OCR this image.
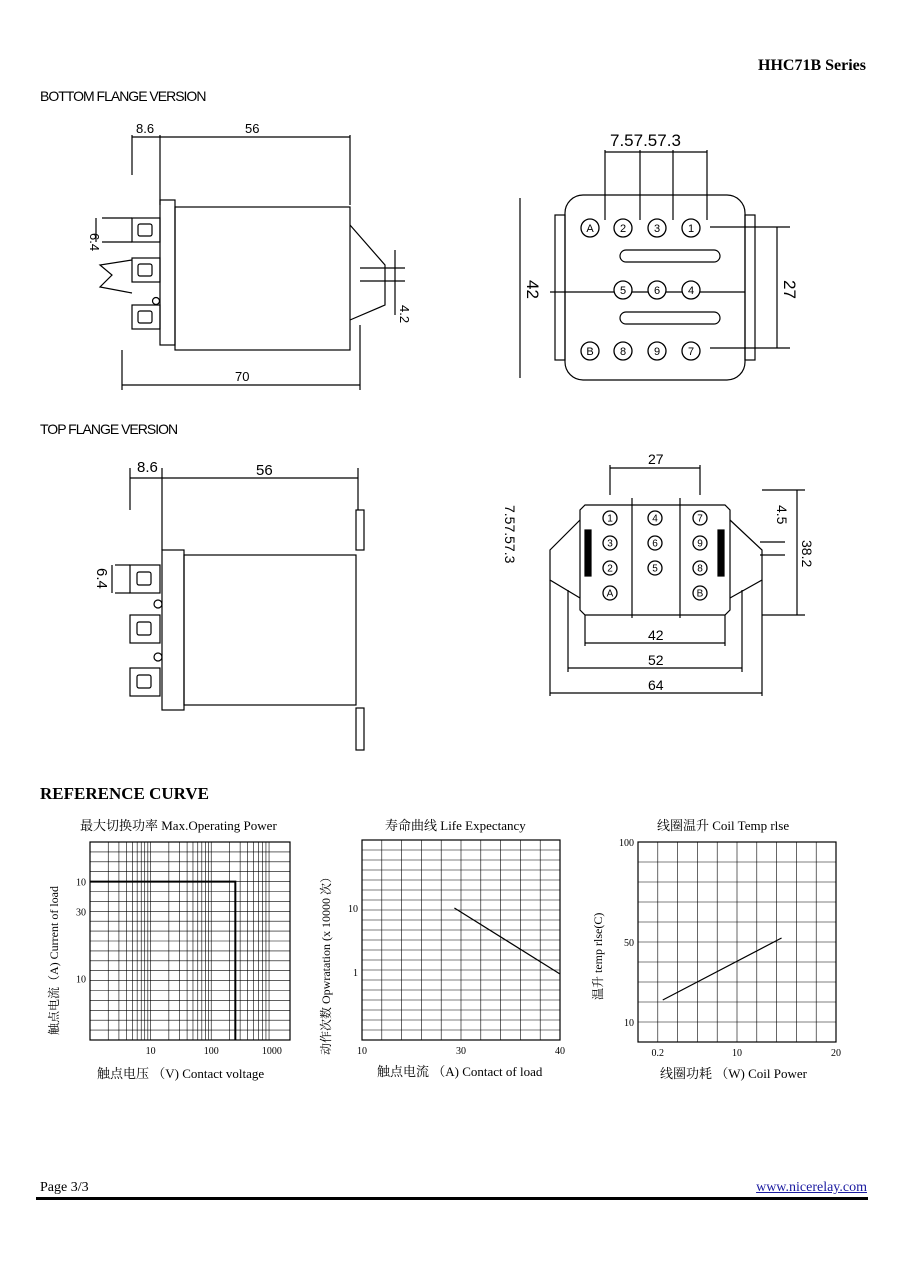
HHC71B Series
BOTTOM FLANGE VERSION
TOP FLANGE VERSION
8.6	56
6.4
4.2
70
A 2	3	1
5	6	4
B 8	9	7
7.57.57.3
42	27
8.6	56
6.4
1	4	7
3	6	9
2	5	8
A	B
27
7.57.57.3	4.5
38.2
42
52
64
REFERENCE CURVE
最大切换功率 Max.Operating Power
触点电流（A) Current of load
触点电压 （V) Contact voltage
10	100	1000
10
30
10
寿命曲线 Life Expectancy
动作次数 Opwratation (x 10000 次）
触点电流 （A) Contact of load
10	30	40
10
1
线圈温升 Coil Temp rlse
温升 temp rlse(C)
线圈功耗 （W) Coil Power
0.2	10	20
100
50
10
Page 3/3	www.nicerelay.com
